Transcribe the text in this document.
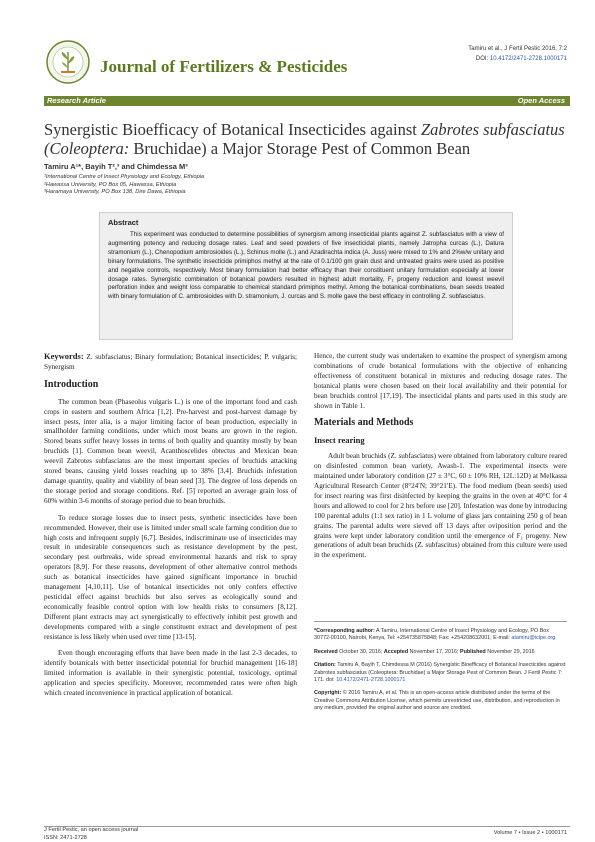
Journal of Fertilizers & Pesticides
Tamiru et al., J Fertil Pestic 2016, 7:2
DOI: 10.4172/2471-2728.1000171
Research Article	Open Access
Synergistic Bioefficacy of Botanical Insecticides against Zabrotes subfasciatus (Coleoptera: Bruchidae) a Major Storage Pest of Common Bean
Tamiru A¹*, Bayih T²,³ and Chimdessa M³
¹International Centre of Insect Physiology and Ecology, Ethiopia
²Hawassa University, PO Box 05, Hawassa, Ethiopia
³Haramaya University, PO Box 138, Dire Dawa, Ethiopia
Abstract
This experiment was conducted to determine possibilities of synergism among insecticidal plants against Z. subfasciatus with a view of augmenting potency and reducing dosage rates. Leaf and seed powders of five insecticidal plants, namely Jatropha curcas (L.), Datura stramonium (L.), Chenopodium ambrosioides (L.), Schinus molle (L.) and Azadirachta indica (A. Juss) were mixed to 1% and 2%w/w unitary and binary formulations. The synthetic insecticide primiphos methyl at the rate of 0.1/100 gm grain dust and untreated grains were used as positive and negative controls, respectively. Most binary formulation had better efficacy than their constituent unitary formulation especially at lower dosage rates. Synergistic combination of botanical powders resulted in highest adult mortality, F₁ progeny reduction and lowest weevil perforation index and weight loss comparable to chemical standard primiphos methyl. Among the botanical combinations, bean seeds treated with binary formulation of C. ambrosioides with D. stramonium, J. curcas and S. molle gave the best efficacy in controlling Z. subfasciatus.

Keywords: Z. subfasciatus; Binary formulation; Botanical insecticides; P. vulgaris; Synergism

Introduction

The common bean (Phaseolus vulgaris L.) is one of the important food and cash crops in eastern and southern Africa [1,2]. Pre-harvest and post-harvest damage by insect pests, inter alia, is a major limiting factor of bean production, especially in smallholder farming conditions, under which most beans are grown in the region. Stored beans suffer heavy losses in terms of both quality and quantity mostly by bean bruchids [1]. Common bean weevil, Acanthoscelides obtectus and Mexican bean weevil Zabrotes subfasciatus are the most important species of bruchids attacking stored beans, causing yield losses reaching up to 38% [3,4]. Bruchids infestation damage quantity, quality and viability of bean seed [3]. The degree of loss depends on the storage period and storage conditions. Ref. [5] reported an average grain loss of 60% within 3-6 months of storage period due to bean bruchids.

To reduce storage losses due to insect pests, synthetic insecticides have been recommended. However, their use is limited under small scale farming condition due to high costs and infrequent supply [6,7]. Besides, indiscriminate use of insecticides may result in undesirable consequences such as resistance development by the pest, secondary pest outbreaks, wide spread environmental hazards and risk to spray operators [8,9]. For these reasons, development of other alternative control methods such as botanical insecticides have gained significant importance in bruchid management [4,10,11]. Use of botanical insecticides not only confers effective pesticidal effect against bruchids but also serves as ecologically sound and economically feasible control option with low health risks to consumers [8,12]. Different plant extracts may act synergistically to effectively inhibit pest growth and developments compared with a single constituent extract and development of pest resistance is less likely when used over time [13-15].

Even though encouraging efforts that have been made in the last 2-3 decades, to identify botanicals with better insecticidal potential for bruchid management [16-18] limited information is available in their synergistic potential, toxicology, optimal application and species specificity. Moreover, recommended rates were often high which created inconvenience in practical application of botanical.

Hence, the current study was undertaken to examine the prospect of synergism among combinations of crude botanical formulations with the objective of enhancing effectiveness of constituent botanical in mixtures and reducing dosage rates. The botanical plants were chosen based on their local availability and their potential for bean bruchids control [17,19]. The insecticidal plants and parts used in this study are shown in Table 1.

Materials and Methods
Insect rearing

Adult bean bruchids (Z. subfasciatus) were obtained from laboratory culture reared on disinfested common bean variety, Awash-1. The experimental insects were maintained under laboratory condition (27 ± 3°C, 60 ± 10% RH, 12L:12D) at Melkassa Agricultural Research Center (8°24′N; 39°21′E). The food medium (bean seeds) used for insect rearing was first disinfected by keeping the grains in the oven at 40°C for 4 hours and allowed to cool for 2 hrs before use [20]. Infestation was done by introducing 100 parental adults (1:1 sex ratio) in 1 L volume of glass jars containing 250 g of bean grains. The parental adults were sieved off 13 days after oviposition period and the grains were kept under laboratory condition until the emergence of F₁ progeny. New generations of adult bean bruchids (Z. subfascitus) obtained from this culture were used in the experiment.

*Corresponding author: A Tamiru, International Centre of Insect Physiology and Ecology, PO Box 30772-00100, Nairobi, Kenya, Tel: +254735875848; Fax: +254208632001; E-mail: atamiru@icipe.org

Received October 30, 2016; Accepted November 17, 2016; Published November 29, 2016

Citation: Tamiru A, Bayih T, Chimdessa M (2016) Synergistic Bioefficacy of Botanical Insecticides against Zabrotes subfasciatus (Coleoptera: Bruchidae) a Major Storage Pest of Common Bean. J Fertil Pestic 7: 171. doi: 10.4172/2471-2728.1000171

Copyright: © 2016 Tamiru A, et al. This is an open-access article distributed under the terms of the Creative Commons Attribution License, which permits unrestricted use, distribution, and reproduction in any medium, provided the original author and source are credited.

J Fertil Pestic, an open access journal
ISSN: 2471-2728
Volume 7 • Issue 2 • 1000171
